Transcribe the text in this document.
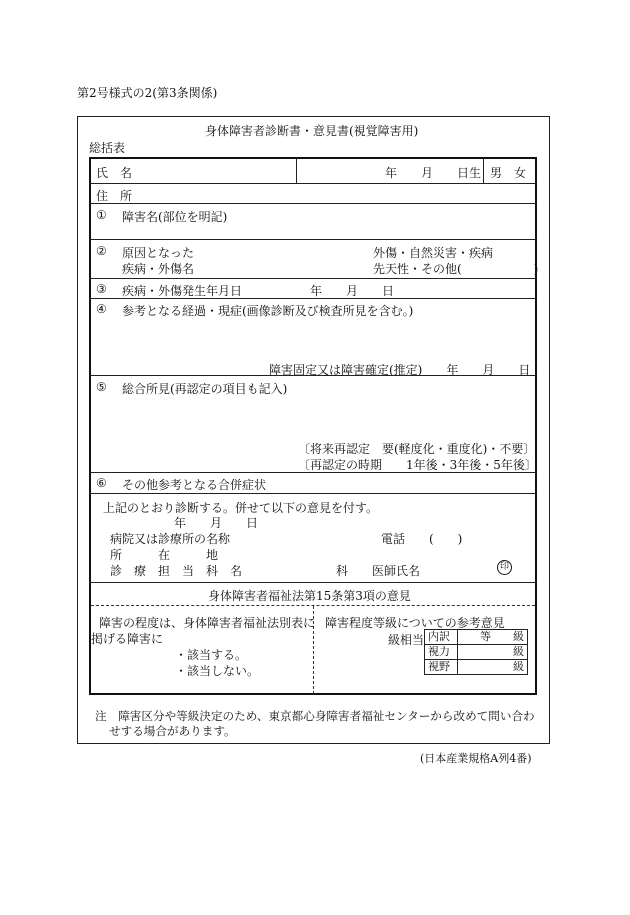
第2号様式の2(第3条関係)
身体障害者診断書・意見書(視覚障害用)
総括表
氏　名	年　　月　　日生 男　女
住　所
① 障害名(部位を明記)
② 原因となった
疾病・外傷名
外傷・自然災害・疾病
先天性・その他(　　　　　　)
③ 疾病・外傷発生年月日	年　　月　　日
④ 参考となる経過・現症(画像診断及び検査所見を含む。)
障害固定又は障害確定(推定)　　年　　月　　日
⑤ 総合所見(再認定の項目も記入)
〔将来再認定　要(軽度化・重度化)・不要〕
〔再認定の時期　　1年後・3年後・5年後〕
⑥ その他参考となる合併症状
上記のとおり診断する。併せて以下の意見を付す。
年　　月　　日
病院又は診療所の名称	電話　　(　　)
所　　　在　　　地
診　療　担　当　科　名	科　　医師氏名	印
身体障害者福祉法第15条第3項の意見
障害の程度は、身体障害者福祉法別表に
掲げる障害に
・該当する。
・該当しない。
障害程度等級についての参考意見
級相当 内訳	等　　級
視力	級
視野	級
注　障害区分や等級決定のため、東京都心身障害者福祉センターから改めて問い合わ
せする場合があります。
(日本産業規格A列4番)
